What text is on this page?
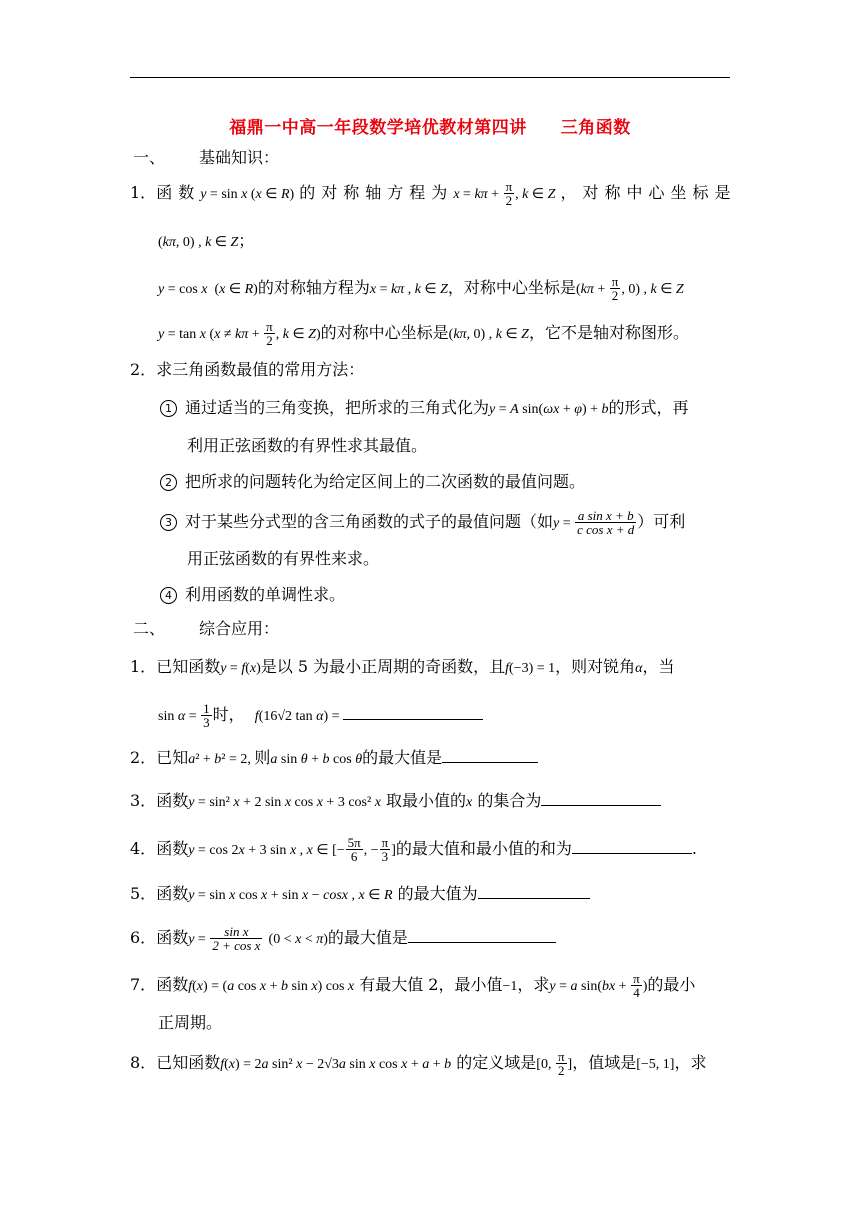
福鼎一中高一年段数学培优教材第四讲 三角函数
一、 基础知识：
1．函数y = sin x (x ∈ R) 的对称轴方程为$x = k\pi + \frac{\pi}{2}$ , k ∈ Z ，对称中心坐标是
(kπ, 0) , k ∈ Z；
y = cos x  (x ∈ R)的对称轴方程为x = kπ , k ∈ Z，对称中心坐标是($k\pi + \frac{\pi}{2}$ , 0) , k ∈ Z
y = tan x ($x \ne k\pi + \frac{\pi}{2}$ , k ∈ Z)的对称中心坐标是(kπ, 0) , k ∈ Z，它不是轴对称图形。
2．求三角函数最值的常用方法：
1 通过适当的三角变换，把所求的三角式化为y = A sin(ωx + φ) + b的形式，再
利用正弦函数的有界性求其最值。
2 把所求的问题转化为给定区间上的二次函数的最值问题。
3 对于某些分式型的含三角函数的式子的最值问题（如$y = \frac{\text{a sin x + b}}{\text{c cos x + d}}$ ）可利
用正弦函数的有界性来求。
4 利用函数的单调性求。
二、 综合应用：
1．已知函数y = f(x)是以 5 为最小正周期的奇函数，且f(−3) = 1，则对锐角α，当
$\sin \alpha = \frac{1}{3}$ 时， f(16√2 tan α) =
2．已知a² + b² = 2, 则a sin θ + b cos θ的最大值是
3．函数y = sin² x + 2 sin x cos x + 3 cos² x 取最小值的x 的集合为
4．函数y = cos 2x + 3 sin x , x ∈ [− $\frac{5\pi}{6}$ , − $\frac{\pi}{3}$ ]的最大值和最小值的和为	.
5．函数y = sin x cos x + sin x − cosx , x ∈ R 的最大值为
6．函数$y = \frac{\text{sin x}}{\text{2 + cos x}} (0 < x < \pi)$的最大值是
7．函数f(x) = (a cos x + b sin x) cos x 有最大值 2，最小值−1，求y = a $\sin(bx + \frac{\pi}{4}$ )的最小
正周期。
8．已知函数f(x) = 2a sin² x − 2√3a sin x cos x + a + b 的定义域是[0, $\frac{\pi}{2}$ ]，值域是[−5, 1]，求
